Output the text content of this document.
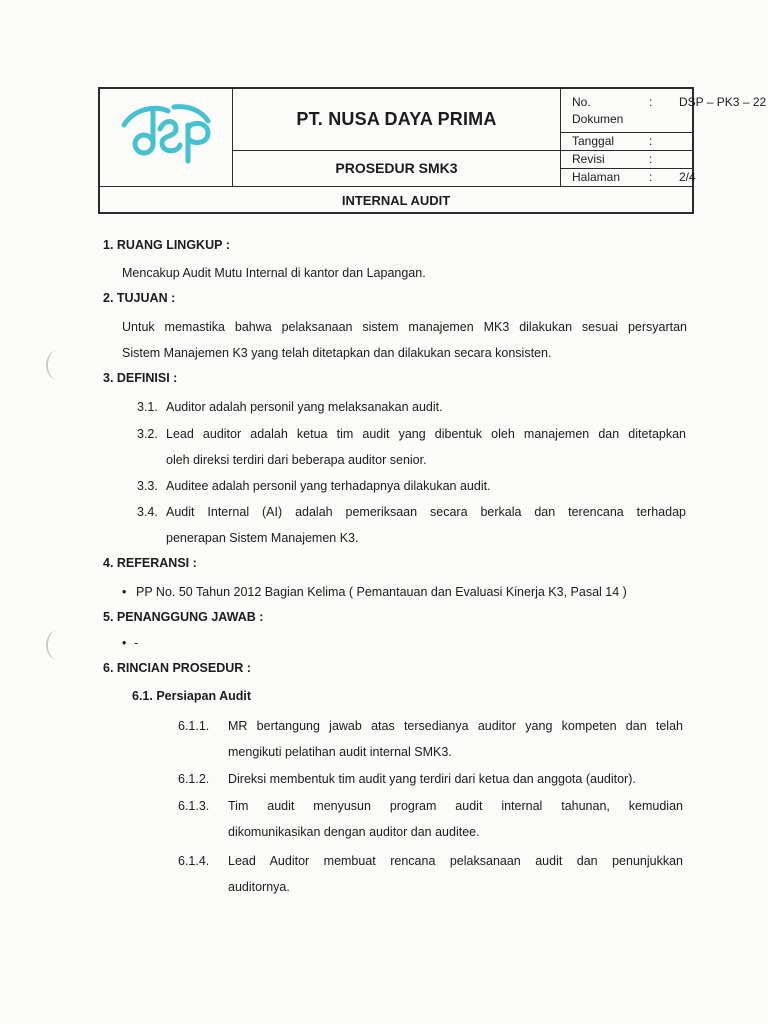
PT. NUSA DAYA PRIMA
PROSEDUR SMK3
No.
Dokumen
: DSP – PK3 – 22
Tanggal	:
Revisi	:
Halaman : 2/4
INTERNAL AUDIT
1. RUANG LINGKUP :
Mencakup Audit Mutu Internal di kantor dan Lapangan.
2. TUJUAN :
Untuk memastika bahwa pelaksanaan sistem manajemen MK3 dilakukan sesuai persyartan
Sistem Manajemen K3 yang telah ditetapkan dan dilakukan secara konsisten.
3. DEFINISI :
3.1. Auditor adalah personil yang melaksanakan audit.
3.2. Lead auditor adalah ketua tim audit yang dibentuk oleh manajemen dan ditetapkan
oleh direksi terdiri dari beberapa auditor senior.
3.3. Auditee adalah personil yang terhadapnya dilakukan audit.
3.4. Audit Internal (AI) adalah pemeriksaan secara berkala dan terencana terhadap
penerapan Sistem Manajemen K3.
4. REFERANSI :
• PP No. 50 Tahun 2012 Bagian Kelima ( Pemantauan dan Evaluasi Kinerja K3, Pasal 14 )
5. PENANGGUNG JAWAB :
• -
6. RINCIAN PROSEDUR :
6.1. Persiapan Audit
6.1.1. MR bertangung jawab atas tersedianya auditor yang kompeten dan telah
mengikuti pelatihan audit internal SMK3.
6.1.2. Direksi membentuk tim audit yang terdiri dari ketua dan anggota (auditor).
6.1.3. Tim audit menyusun program audit internal tahunan, kemudian
dikomunikasikan dengan auditor dan auditee.
6.1.4. Lead Auditor membuat rencana pelaksanaan audit dan penunjukkan
auditornya.
